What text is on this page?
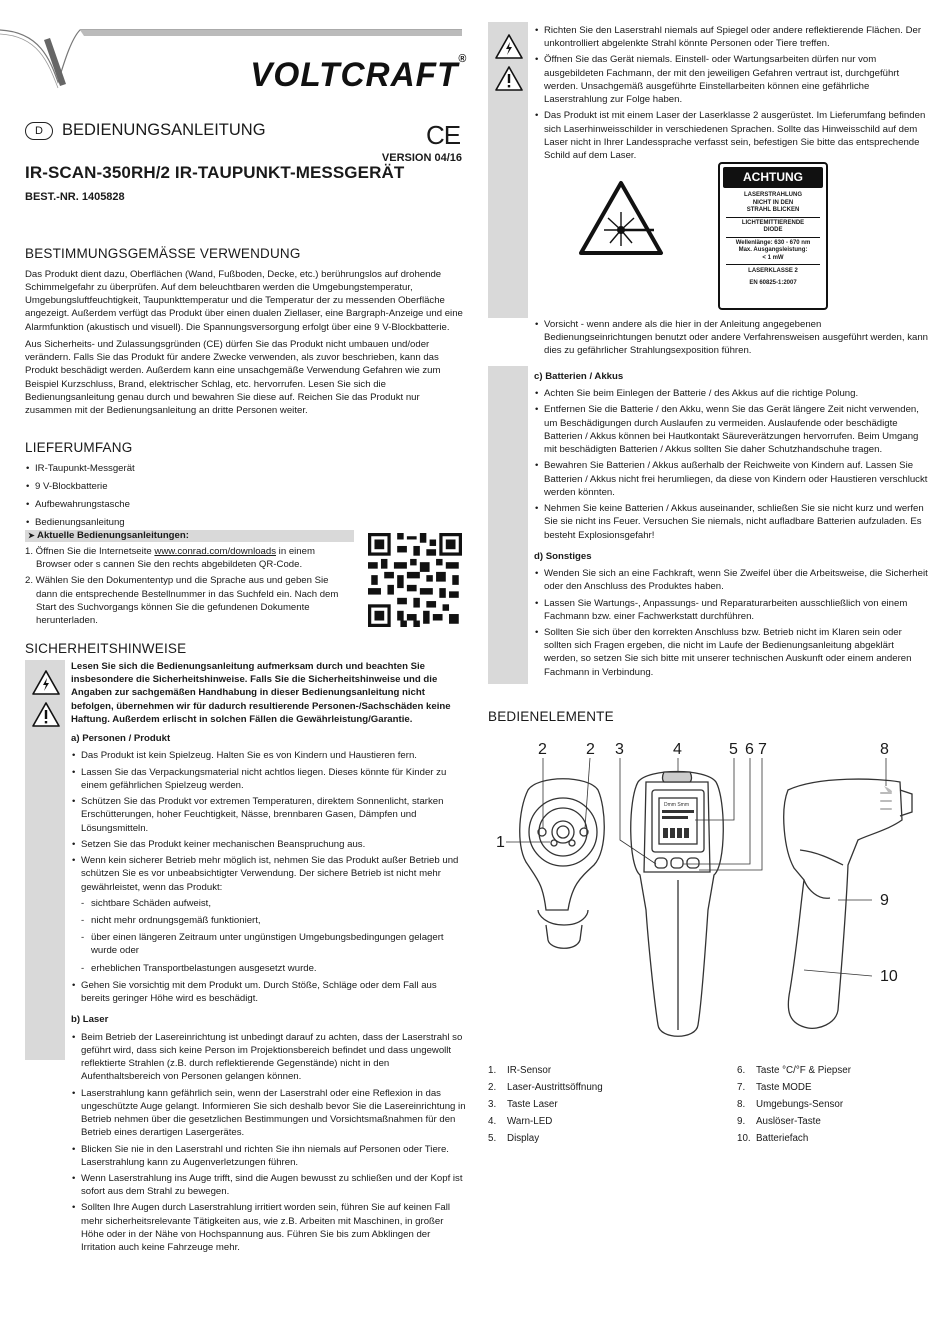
VOLTCRAFT®
D	BEDIENUNGSANLEITUNG	CE
VERSION 04/16
IR-SCAN-350RH/2 IR-TAUPUNKT-MESSGERÄT
BEST.-NR. 1405828
BESTIMMUNGSGEMÄSSE VERWENDUNG

Das Produkt dient dazu, Oberflächen (Wand, Fußboden, Decke, etc.) berührungslos auf drohende Schimmelgefahr zu überprüfen. Auf dem beleuchtbaren werden die Umgebungstemperatur, Umgebungsluftfeuchtigkeit, Taupunkttemperatur und die Temperatur der zu messenden Oberfläche angezeigt. Außerdem verfügt das Produkt über einen dualen Ziellaser, eine Bargraph-Anzeige und eine Alarmfunktion (akustisch und visuell). Die Spannungsversorgung erfolgt über eine 9 V-Blockbatterie.

Aus Sicherheits- und Zulassungsgründen (CE) dürfen Sie das Produkt nicht umbauen und/oder verändern. Falls Sie das Produkt für andere Zwecke verwenden, als zuvor beschrieben, kann das Produkt beschädigt werden. Außerdem kann eine unsachgemäße Verwendung Gefahren wie zum Beispiel Kurzschluss, Brand, elektrischer Schlag, etc. hervorrufen. Lesen Sie sich die Bedienungsanleitung genau durch und bewahren Sie diese auf. Reichen Sie das Produkt nur zusammen mit der Bedienungsanleitung an dritte Personen weiter.

LIEFERUMFANG
• IR-Taupunkt-Messgerät
• 9 V-Blockbatterie
• Aufbewahrungstasche
• Bedienungsanleitung
➤ Aktuelle Bedienungsanleitungen:

1. Öffnen Sie die Internetseite www.conrad.com/downloads in einem Browser oder s cannen Sie den rechts abgebildeten QR-Code.

2. Wählen Sie den Dokumententyp und die Sprache aus und geben Sie dann die entsprechende Bestellnummer in das Suchfeld ein. Nach dem Start des Suchvorgangs können Sie die gefundenen Dokumente herunterladen.

SICHERHEITSHINWEISE

Lesen Sie sich die Bedienungsanleitung aufmerksam durch und beachten Sie insbesondere die Sicherheitshinweise. Falls Sie die Sicherheitshinweise und die Angaben zur sachgemäßen Handhabung in dieser Bedienungsanleitung nicht befolgen, übernehmen wir für dadurch resultierende Personen-/Sachschäden keine Haftung. Außerdem erlischt in solchen Fällen die Gewährleistung/Garantie.

a) Personen / Produkt
• Das Produkt ist kein Spielzeug. Halten Sie es von Kindern und Haustieren fern.
• Lassen Sie das Verpackungsmaterial nicht achtlos liegen. Dieses könnte für Kinder zu einem gefährlichen Spielzeug werden.
• Schützen Sie das Produkt vor extremen Temperaturen, direktem Sonnenlicht, starken Erschütterungen, hoher Feuchtigkeit, Nässe, brennbaren Gasen, Dämpfen und Lösungsmitteln.
• Setzen Sie das Produkt keiner mechanischen Beanspruchung aus.
• Wenn kein sicherer Betrieb mehr möglich ist, nehmen Sie das Produkt außer Betrieb und schützen Sie es vor unbeabsichtigter Verwendung. Der sichere Betrieb ist nicht mehr gewährleistet, wenn das Produkt:
- sichtbare Schäden aufweist,
- nicht mehr ordnungsgemäß funktioniert,
- über einen längeren Zeitraum unter ungünstigen Umgebungsbedingungen gelagert wurde oder
- erheblichen Transportbelastungen ausgesetzt wurde.
• Gehen Sie vorsichtig mit dem Produkt um. Durch Stöße, Schläge oder dem Fall aus bereits geringer Höhe wird es beschädigt.
b) Laser
• Beim Betrieb der Lasereinrichtung ist unbedingt darauf zu achten, dass der Laserstrahl so geführt wird, dass sich keine Person im Projektionsbereich befindet und dass ungewollt reflektierte Strahlen (z.B. durch reflektierende Gegenstände) nicht in den Aufenthaltsbereich von Personen gelangen können.
• Laserstrahlung kann gefährlich sein, wenn der Laserstrahl oder eine Reflexion in das ungeschützte Auge gelangt. Informieren Sie sich deshalb bevor Sie die Lasereinrichtung in Betrieb nehmen über die gesetzlichen Bestimmungen und Vorsichtsmaßnahmen für den Betrieb eines derartigen Lasergerätes.
• Blicken Sie nie in den Laserstrahl und richten Sie ihn niemals auf Personen oder Tiere. Laserstrahlung kann zu Augenverletzungen führen.
• Wenn Laserstrahlung ins Auge trifft, sind die Augen bewusst zu schließen und der Kopf ist sofort aus dem Strahl zu bewegen.
• Sollten Ihre Augen durch Laserstrahlung irritiert worden sein, führen Sie auf keinen Fall mehr sicherheitsrelevante Tätigkeiten aus, wie z.B. Arbeiten mit Maschinen, in großer Höhe oder in der Nähe von Hochspannung aus. Führen Sie bis zum Abklingen der Irritation auch keine Fahrzeuge mehr.
• Richten Sie den Laserstrahl niemals auf Spiegel oder andere reflektierende Flächen. Der unkontrolliert abgelenkte Strahl könnte Personen oder Tiere treffen.
• Öffnen Sie das Gerät niemals. Einstell- oder Wartungsarbeiten dürfen nur vom ausgebildeten Fachmann, der mit den jeweiligen Gefahren vertraut ist, durchgeführt werden. Unsachgemäß ausgeführte Einstellarbeiten können eine gefährliche Laserstrahlung zur Folge haben.
• Das Produkt ist mit einem Laser der Laserklasse 2 ausgerüstet. Im Lieferumfang befinden sich Laserhinweisschilder in verschiedenen Sprachen. Sollte das Hinweisschild auf dem Laser nicht in Ihrer Landessprache verfasst sein, befestigen Sie bitte das entsprechende Schild auf dem Laser.
ACHTUNG
LASERSTRAHLUNG
NICHT IN DEN
STRAHL BLICKEN
LICHTEMITTIERENDE
DIODE
Wellenlänge: 630 - 670 nm
Max. Ausgangsleistung:
< 1 mW
LASERKLASSE 2
EN 60825-1:2007
• Vorsicht - wenn andere als die hier in der Anleitung angegebenen Bedienungseinrichtungen benutzt oder andere Verfahrensweisen ausgeführt werden, kann dies zu gefährlicher Strahlungsexposition führen.
c) Batterien / Akkus
• Achten Sie beim Einlegen der Batterie / des Akkus auf die richtige Polung.
• Entfernen Sie die Batterie / den Akku, wenn Sie das Gerät längere Zeit nicht verwenden, um Beschädigungen durch Auslaufen zu vermeiden. Auslaufende oder beschädigte Batterien / Akkus können bei Hautkontakt Säureverätzungen hervorrufen. Beim Umgang mit beschädigten Batterien / Akkus sollten Sie daher Schutzhandschuhe tragen.
• Bewahren Sie Batterien / Akkus außerhalb der Reichweite von Kindern auf. Lassen Sie Batterien / Akkus nicht frei herumliegen, da diese von Kindern oder Haustieren verschluckt werden könnten.
• Nehmen Sie keine Batterien / Akkus auseinander, schließen Sie sie nicht kurz und werfen Sie sie nicht ins Feuer. Versuchen Sie niemals, nicht aufladbare Batterien aufzuladen. Es besteht Explosionsgefahr!
d) Sonstiges
• Wenden Sie sich an eine Fachkraft, wenn Sie Zweifel über die Arbeitsweise, die Sicherheit oder den Anschluss des Produktes haben.
• Lassen Sie Wartungs-, Anpassungs- und Reparaturarbeiten ausschließlich von einem Fachmann bzw. einer Fachwerkstatt durchführen.
• Sollten Sie sich über den korrekten Anschluss bzw. Betrieb nicht im Klaren sein oder sollten sich Fragen ergeben, die nicht im Laufe der Bedienungsanleitung abgeklärt werden, so setzen Sie sich bitte mit unserer technischen Auskunft oder einem anderen Fachmann in Verbindung.
BEDIENELEMENTE
Dmm Smm
2 2 3	4	5 6 7	8
1
9
10
1. IR-Sensor
2. Laser-Austrittsöffnung
3. Taste Laser
4. Warn-LED
5. Display
6. Taste °C/°F & Piepser
7. Taste MODE
8. Umgebungs-Sensor
9. Auslöser-Taste
10. Batteriefach
